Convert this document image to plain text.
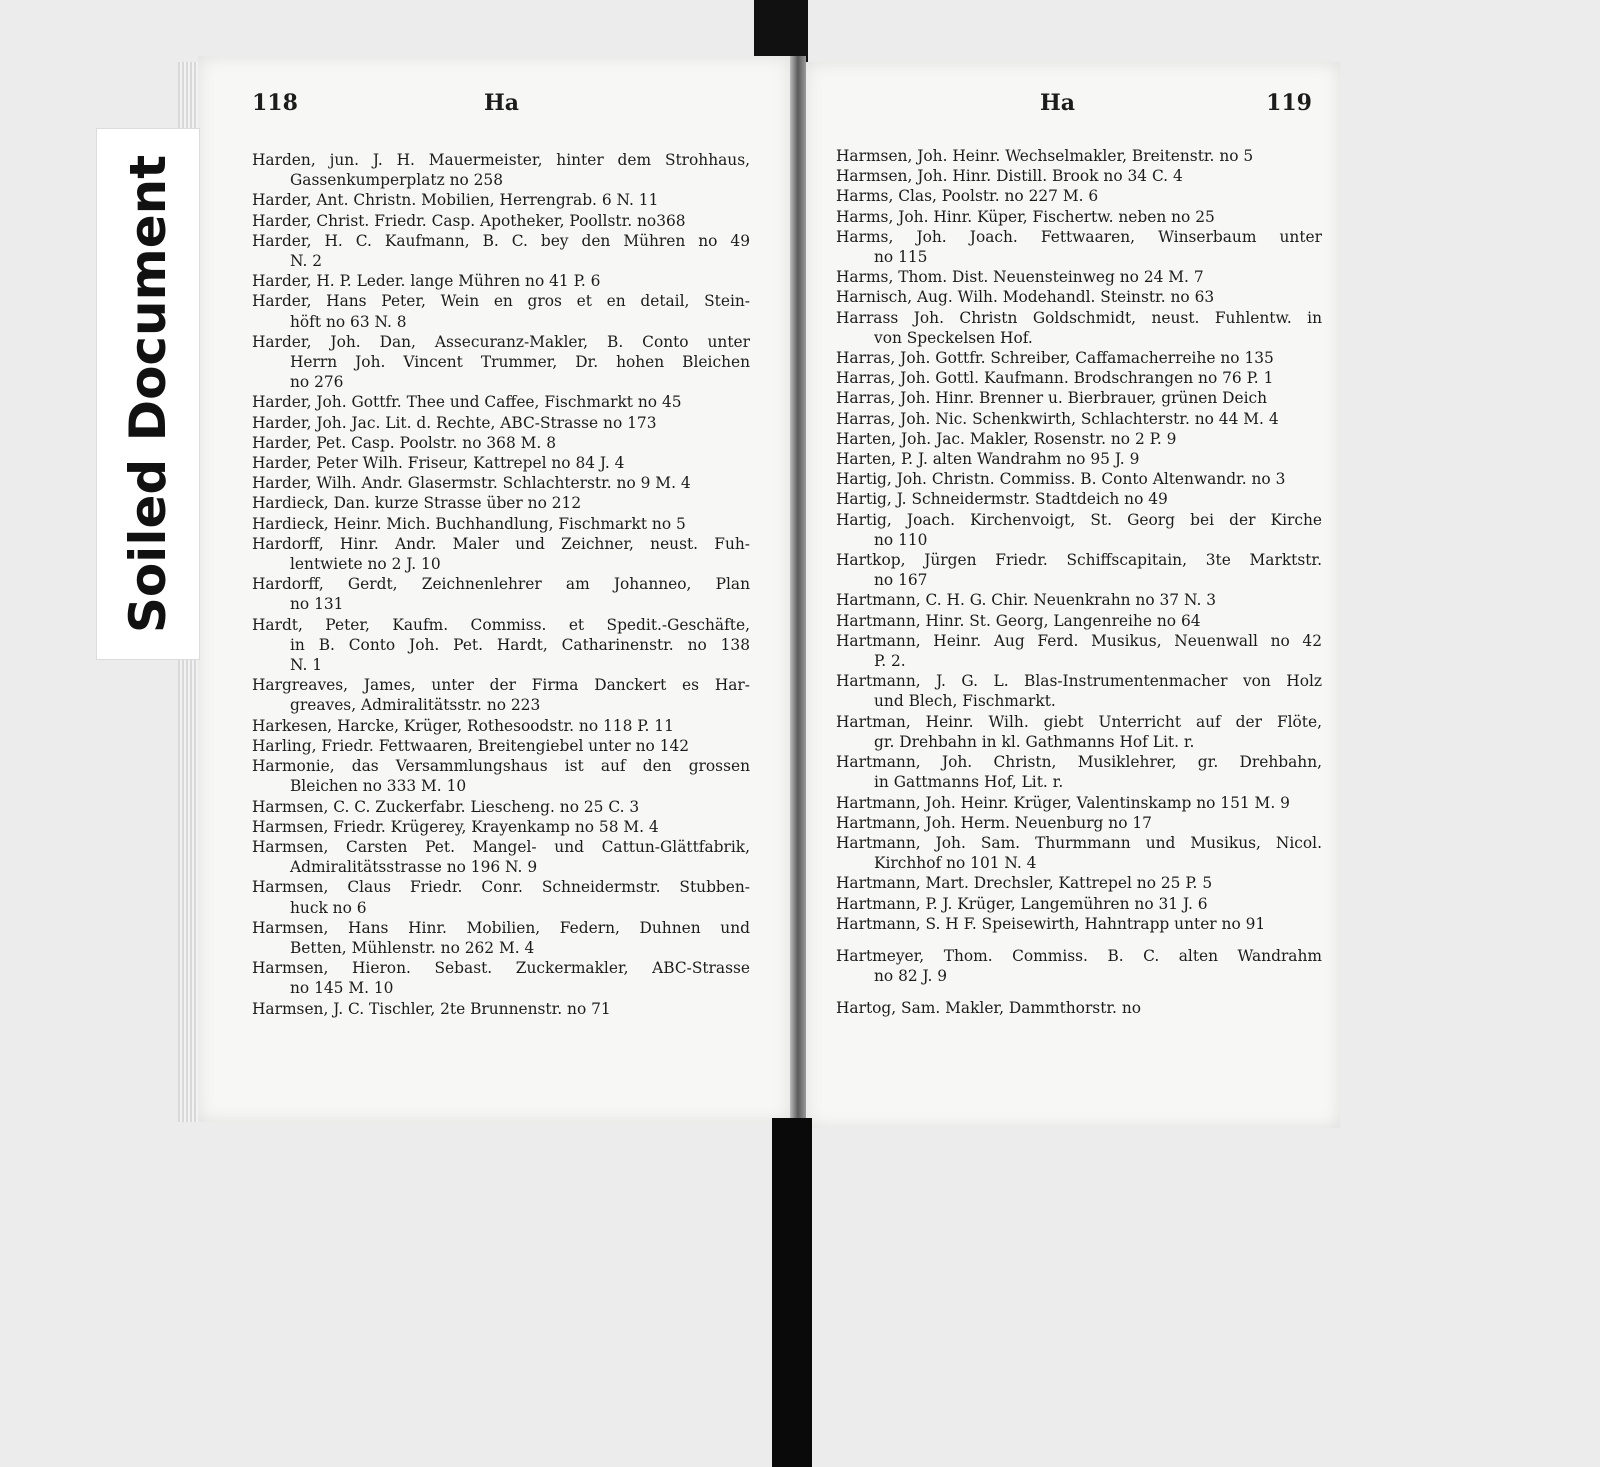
118	Ha
Harden, jun. J. H. Mauermeister, hinter dem Strohhaus,
Gassenkumperplatz no 258
Harder, Ant. Christn. Mobilien, Herrengrab. 6 N. 11
Harder, Christ. Friedr. Casp. Apotheker, Poollstr. no368
Harder, H. C. Kaufmann, B. C. bey den Mühren no 49
N. 2
Harder, H. P. Leder. lange Mühren no 41 P. 6
Harder, Hans Peter, Wein en gros et en detail, Stein-
höft no 63 N. 8
Harder, Joh. Dan, Assecuranz-Makler, B. Conto unter
Herrn Joh. Vincent Trummer, Dr. hohen Bleichen
no 276
Harder, Joh. Gottfr. Thee und Caffee, Fischmarkt no 45
Harder, Joh. Jac. Lit. d. Rechte, ABC-Strasse no 173
Harder, Pet. Casp. Poolstr. no 368 M. 8
Harder, Peter Wilh. Friseur, Kattrepel no 84 J. 4
Harder, Wilh. Andr. Glasermstr. Schlachterstr. no 9 M. 4
Hardieck, Dan. kurze Strasse über no 212
Hardieck, Heinr. Mich. Buchhandlung, Fischmarkt no 5
Hardorff, Hinr. Andr. Maler und Zeichner, neust. Fuh-
lentwiete no 2 J. 10
Hardorff, Gerdt, Zeichnenlehrer am Johanneo, Plan
no 131
Hardt, Peter, Kaufm. Commiss. et Spedit.-Geschäfte,
in B. Conto Joh. Pet. Hardt, Catharinenstr. no 138
N. 1
Hargreaves, James, unter der Firma Danckert es Har-
greaves, Admiralitätsstr. no 223
Harkesen, Harcke, Krüger, Rothesoodstr. no 118 P. 11
Harling, Friedr. Fettwaaren, Breitengiebel unter no 142
Harmonie, das Versammlungshaus ist auf den grossen
Bleichen no 333 M. 10
Harmsen, C. C. Zuckerfabr. Liescheng. no 25 C. 3
Harmsen, Friedr. Krügerey, Krayenkamp no 58 M. 4
Harmsen, Carsten Pet. Mangel- und Cattun-Glättfabrik,
Admiralitätsstrasse no 196 N. 9
Harmsen, Claus Friedr. Conr. Schneidermstr. Stubben-
huck no 6
Harmsen, Hans Hinr. Mobilien, Federn, Duhnen und
Betten, Mühlenstr. no 262 M. 4
Harmsen, Hieron. Sebast. Zuckermakler, ABC-Strasse
no 145 M. 10
Harmsen, J. C. Tischler, 2te Brunnenstr. no 71
Ha	119
Harmsen, Joh. Heinr. Wechselmakler, Breitenstr. no 5
Harmsen, Joh. Hinr. Distill. Brook no 34 C. 4
Harms, Clas, Poolstr. no 227 M. 6
Harms, Joh. Hinr. Küper, Fischertw. neben no 25
Harms, Joh. Joach. Fettwaaren, Winserbaum unter
no 115
Harms, Thom. Dist. Neuensteinweg no 24 M. 7
Harnisch, Aug. Wilh. Modehandl. Steinstr. no 63
Harrass Joh. Christn Goldschmidt, neust. Fuhlentw. in
von Speckelsen Hof.
Harras, Joh. Gottfr. Schreiber, Caffamacherreihe no 135
Harras, Joh. Gottl. Kaufmann. Brodschrangen no 76 P. 1
Harras, Joh. Hinr. Brenner u. Bierbrauer, grünen Deich
Harras, Joh. Nic. Schenkwirth, Schlachterstr. no 44 M. 4
Harten, Joh. Jac. Makler, Rosenstr. no 2 P. 9
Harten, P. J. alten Wandrahm no 95 J. 9
Hartig, Joh. Christn. Commiss. B. Conto Altenwandr. no 3
Hartig, J. Schneidermstr. Stadtdeich no 49
Hartig, Joach. Kirchenvoigt, St. Georg bei der Kirche
no 110
Hartkop, Jürgen Friedr. Schiffscapitain, 3te Marktstr.
no 167
Hartmann, C. H. G. Chir. Neuenkrahn no 37 N. 3
Hartmann, Hinr. St. Georg, Langenreihe no 64
Hartmann, Heinr. Aug Ferd. Musikus, Neuenwall no 42
P. 2.
Hartmann, J. G. L. Blas-Instrumentenmacher von Holz
und Blech, Fischmarkt.
Hartman, Heinr. Wilh. giebt Unterricht auf der Flöte,
gr. Drehbahn in kl. Gathmanns Hof Lit. r.
Hartmann, Joh. Christn, Musiklehrer, gr. Drehbahn,
in Gattmanns Hof, Lit. r.
Hartmann, Joh. Heinr. Krüger, Valentinskamp no 151 M. 9
Hartmann, Joh. Herm. Neuenburg no 17
Hartmann, Joh. Sam. Thurmmann und Musikus, Nicol.
Kirchhof no 101 N. 4
Hartmann, Mart. Drechsler, Kattrepel no 25 P. 5
Hartmann, P. J. Krüger, Langemühren no 31 J. 6
Hartmann, S. H F. Speisewirth, Hahntrapp unter no 91
Hartmeyer, Thom. Commiss. B. C. alten Wandrahm
no 82 J. 9
Hartog, Sam. Makler, Dammthorstr. no
Soiled Document
